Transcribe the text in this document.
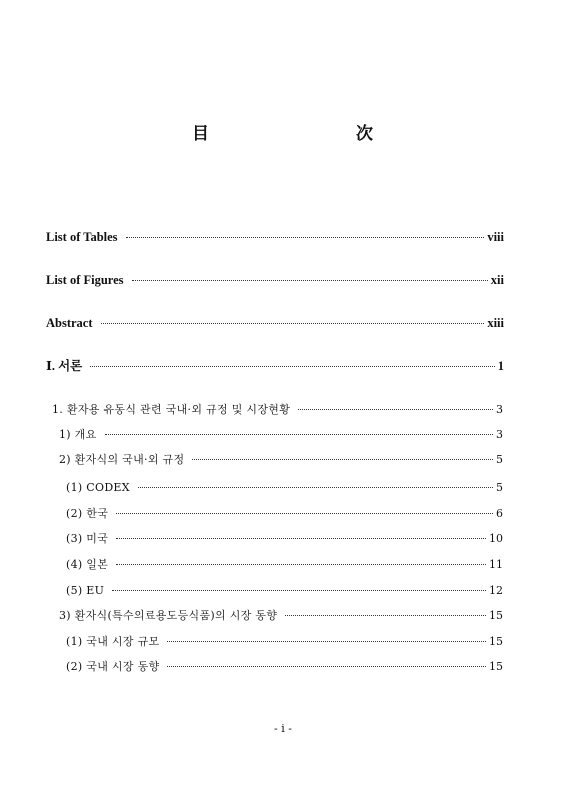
目	次
List of Tables	viii
List of Figures	xii
Abstract	xiii
Ⅰ. 서론	1
1. 환자용 유동식 관련 국내·외 규정 및 시장현황	3
1) 개요	3
2) 환자식의 국내·외 규정	5
(1) CODEX	5
(2) 한국	6
(3) 미국	10
(4) 일본	11
(5) EU	12
3) 환자식(특수의료용도등식품)의 시장 동향	15
(1) 국내 시장 규모	15
(2) 국내 시장 동향	15
- i -
